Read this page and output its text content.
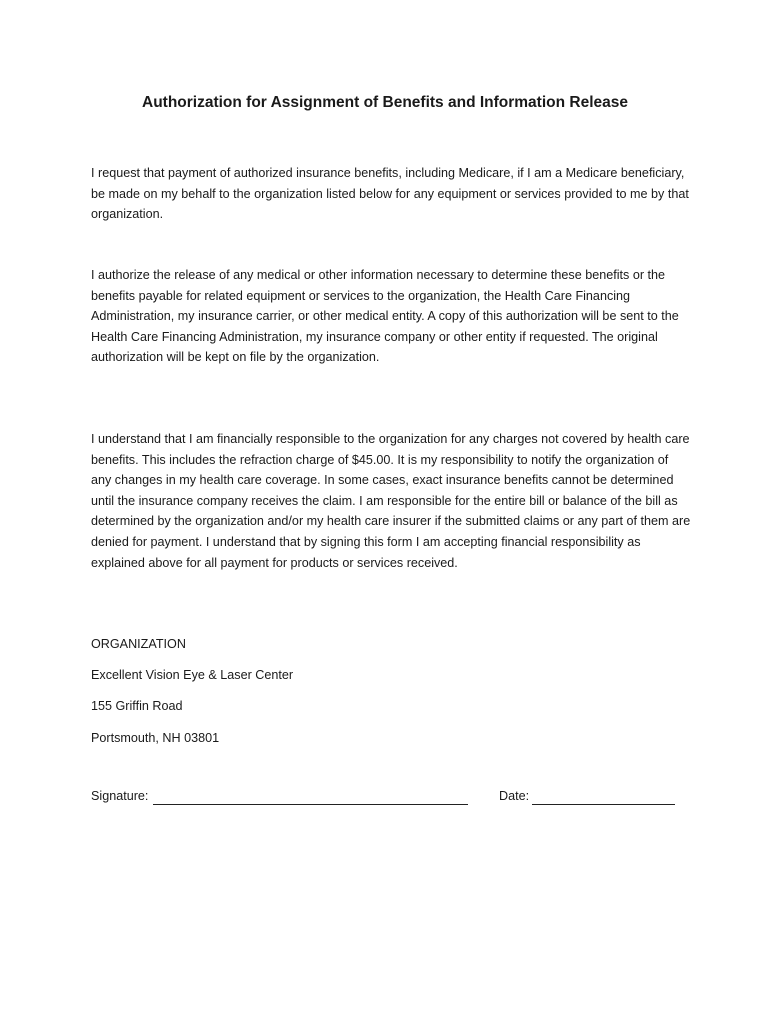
Authorization for Assignment of Benefits and Information Release

I request that payment of authorized insurance benefits, including Medicare, if I am a Medicare beneficiary, be made on my behalf to the organization listed below for any equipment or services provided to me by that organization.

I authorize the release of any medical or other information necessary to determine these benefits or the benefits payable for related equipment or services to the organization, the Health Care Financing Administration, my insurance carrier, or other medical entity. A copy of this authorization will be sent to the Health Care Financing Administration, my insurance company or other entity if requested. The original authorization will be kept on file by the organization.

I understand that I am financially responsible to the organization for any charges not covered by health care benefits. This includes the refraction charge of $45.00. It is my responsibility to notify the organization of any changes in my health care coverage. In some cases, exact insurance benefits cannot be determined until the insurance company receives the claim. I am responsible for the entire bill or balance of the bill as determined by the organization and/or my health care insurer if the submitted claims or any part of them are denied for payment. I understand that by signing this form I am accepting financial responsibility as explained above for all payment for products or services received.

ORGANIZATION

Excellent Vision Eye & Laser Center

155 Griffin Road

Portsmouth, NH 03801

Signature:	Date:
